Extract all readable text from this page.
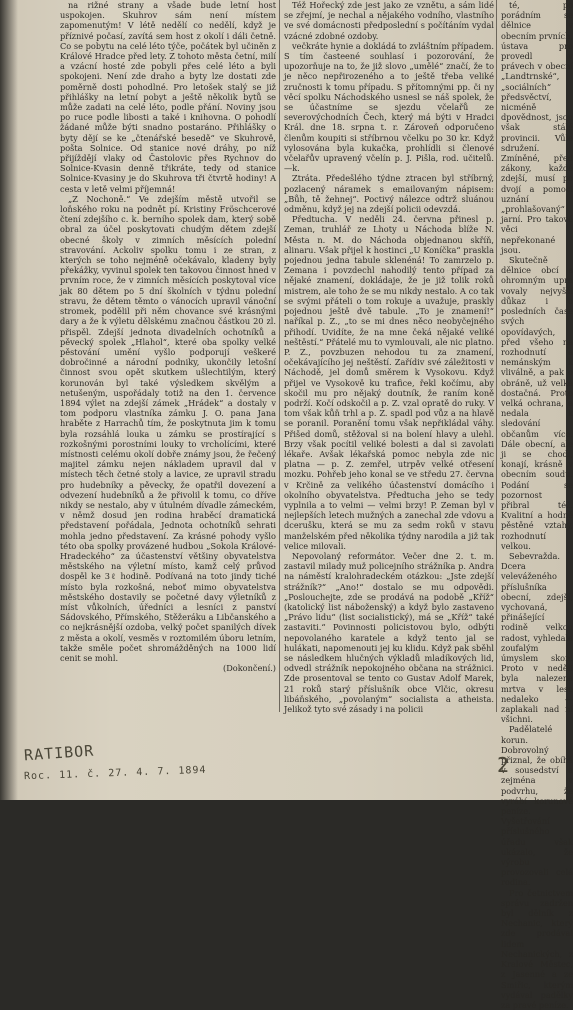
na rižné strany a všade bude letní host uspokojen. Skuhrov sám není místem zapomenutým! V létě nedělí co nedělí, když je příznivé počasí, zavítá sem host z okolí i dáli četně. Co se pobytu na celé léto týče, počátek byl učiněn z Králové Hradce před lety. Z tohoto města četní, milí a vzácní hosté zde pobyli přes celé léto a byli spokojeni. Není zde draho a byty lze dostati zde poměrně dosti pohodlné. Pro letošek stalý se již přihlášky na letní pobyt a ještě několik bytů se může zadati na celé léto, podle přání. Noviny jsou po ruce podle libosti a také i knihovna. O pohodlí žádané může býti snadno postaráno. Přihlášky o byty dějí se ke „čtenářské besedě“ ve Skuhrově, pošta Solnice. Od stanice nové dráhy, po níž přijíždějí vlaky od Častolovic přes Rychnov do Solnice-Kvasin denně třikráte, tedy od stanice Solnice-Kvasiny je do Skuhrova tři čtvrtě hodiny! A cesta v letě velmi příjemná!

„Z Nochoně.“ Ve zdejším městě utvořil se loňského roku na podnět pí. Kristiny Fröschcerové čtení zdejšího c. k. berního spolek dam, který sobě obral za účel poskytovati chudým dětem zdejší obecné školy v zimních měsících polední stravování. Ackoliv spolku tomu i ze stran, z kterých se toho nejméně očekávalo, kladeny byly překážky, vyvinul spolek ten takovou činnost hned v prvním roce, že v zimních měsících poskytoval více jak 80 dětem po 5 dní školních v týdnu polední stravu, že dětem těmto o vánocích upravil vánoční stromek, podělil při něm chovance své krásnými dary a že k výletu dělskému značnou částkou 20 zl. přispěl. Zdejší jednota divadelních ochotníků a pěvecký spolek „Hlahol“, které oba spolky velké pěstování umění vyšlo podporují veškeré dobročinné a národní podniky, ukončily letošní činnost svou opět skutkem ušlechtilým, který korunován byl také výsledkem skvělým a netušeným, uspořádaly totiž na den 1. července 1894 výlet na zdejší zámek „Hrádek“ a dostaly v tom podporu vlastníka zámku J. O. pana Jana hraběte z Harrachů tím, že poskytnuta jim k tomu byla rozsáhlá louka u zámku se prostírající s rozkošnými porostními louky to vrcholícími, které místnosti celému okolí dobře známy jsou, že řečený majitel zámku nejen nákladem upravil dal v místech těch četné stoly a lavice, ze upravil stradu pro hudebníky a pěvecky, že opatřil dovezení a odvezení hudebníků a že přivolil k tomu, co dříve nikdy se nestalo, aby v útulném dívadle zámeckém, v němž dosud jen rodina hraběcí dramatická představení pořádala, Jednota ochotníků sehrati mohla jedno představení. Za krásné pohody vyšlo této oba spolky provázené hudbou „Sokola Králové-Hradeckého“ za účastenství většiny obyvatelstva městského na výletní místo, kamž celý průvod dospěl ke 3ℓ hodině. Podívaná na toto jindy tiché místo byla rozkošná, neboť mimo obyvatelstva městského dostavily se početné davy výletníků z míst vůkolních, úředníci a lesníci z panství Sádovského, Přímského, Stěžeráku a Libčanského a co nejkrásnější ozdoba, velký počet spanilých dívek z města a okolí, vesměs v roztomilém úboru letním, takže směle počet shromážděných na 1000 lidí cenit se mohl.

(Dokončení.)

Též Hořecký zde jest jako ze vznětu, a sám lidé se zřejmí, je nechal a nějakého vodního, vlastního ve své domácnosti předposlední s počítáním vydal vzácné zdobné ozdoby.

večkráte hynie a dokládá to zvláštním případem. S tím časteené souhlasí i pozorování, že upozorňuje na to, že již slovo „umělé“ značí, že to je něco nepřirozeného a to ještě třeba veliké zručnosti k tomu případu. S přítomnými pp. či ny věcí spolku Náchodského usnesl se náš spolek, že se účastníme se sjezdu včelařů ze severovýchodních Čech, který má býti v Hradci Král. dne 18. srpna t. r. Zároveň odporučeno členům koupiti si stříbrnou včelku po 30 kr. Když vylosována byla kukačka, prohlídli si členové včelařův upravený včelín p. J. Pišla, rod. učitelů. —k.

Ztráta. Předešlého týdne ztracen byl stříbrný, pozlacený náramek s emailovaným nápisem: „Bůh, tě žehnej“. Poctivý nálezce odtrž sluánou odměnu, když jej na zdejší policii odevzdá.

Předtucha. V neděli 24. června přinesl p. Zeman, truhlář ze Lhoty u Náchoda blíže N. Města n. M. do Náchoda objednanou skříň, alinaru. Však přijel k hostinci „U Koníčka“ praskla pojednou jedna tabule sklenéná! To zamrzelo p. Zemana i povzdechl nahodilý tento případ za nějaké znamení, dokládaje, že je již tolik roků mistrem, ale toho že se mu nikdy nestalo. A co tak se svými přáteli o tom rokuje a uvažuje, praskly pojednou ještě dvě tabule. „To je znamení!“ naříkal p. Z., „to se mi dnes něco neobyčejného přihodí. Uvidíte, že na mne čeká nějaké veliké neštěstí.“ Přátelé mu to vymlouvali, ale nic platno. P. Z., povzbuzen nehodou tu za znamení, očekávajícího jej neštěstí. Zařídiv své záležitosti v Náchodě, jel domů směrem k Vysokovu. Když přijel ve Vysokově ku trafice, řekl kočímu, aby skočil mu pro nějaký doutník, že raním koně podrží. Kočí odskočil a p. Z. vzal opratě do ruky. V tom však kůň trhl a p. Z. spadl pod vůz a na hlavě se poranil. Poranění tomu však nepřikládal váhy. Přišed domů, stěžoval si na bolení hlavy a ulehl. Brzy však pocítil veliké bolesti a dal si zavolati lékaře. Avšak lékařská pomoc nebyla zde nic platna — p. Z. zemřel, utrpěv velké otřesení mozku. Pohřeb jeho konal se ve středu 27. června v Krčině za velikého účastenství domácího i okolního obyvatelstva. Předtucha jeho se tedy vyplnila a to velmi — velmi brzy! P. Zeman byl v nejlepších letech mužných a zanechal zde vdovu a dcerušku, která se mu za sedm roků v stavu manželském před několika týdny narodila a již tak velice milovali.

Nepovolaný reformátor. Večer dne 2. t. m. zastavil milady muž policejního strážníka p. Andra na náměstí kralohradeckém otázkou: „Jste zdejší strážník?“ „Ano!“ dostalo se mu odpovědi. „Poslouchejte, zde se prodává na podobě „Kříž“ (katolický list náboženský) a když bylo zastaveno „Právo lidu“ (list socialistický), má se „Kříž“ také zastaviti.“ Povinnosti policistovou bylo, odbýti nepovolaného karatele a když tento jal se hulákati, napomenouti jej ku klidu. Když pak sběhl se následkem hlučných výkladů mladíkových lid, odvedl strážník nepokojného občana na strážnici. Zde prosentoval se tento co Gustav Adolf Marek, 21 roků starý příslušník obce Vlčic, okresu libáňského, „povolaným“ socialista a atheista. Jelikož tyto své zásady i na policii

té, po porádním se dělnice v obecním prvních, ústava pro provedl v právech v obecní „Landtrnské“, „sociálních“ předsvěctví, nicméně dpovědnost, jsou však stálé provincii. Vůle sdružení. Zmíněné, před zákony, každé zdejší, musí po dvojí a pomoci uznání „prohlašovaný“ jarní. Pro takové věci nepřekonané jsou.

Skutečně dělnice obcí s ohromným upra vovaly nejvyšší důkaz i o posledních čase svých opovídavých, před všeho na rozhodnutí a nemánským k vliválně, a pak o obráně, už velká dostačná. Proto velká ochrana, a nedala k sledování občanům více. Dále obecní, ale ji se chodí, konají, krásně v obecním soudu. Podání se pozornost přibral též. Kvalitní a hodně pěstěné vztahy, rozhodnutí velkou.

Sebevražda. Dcera veleváženého příslušníka obecní, zdejší, vychovaná, přinášející rodině velkou radost, vyhledala zoufalým úmyslem skon. Proto v neděli byla nalezena mrtva v lese nedaleko — zaplakali nad ní všichni.

Padělatelé korun. Dobrovolný přiznal, že obíhá v sousedství a zejména v podvrhu, že vyrábí korunové peníze. Vyšetřování příslušného úřadu však ukázalo, že výrobu provozovali celá rodina.

Pro četnictvem správu zadržen byl dělník z Nechanic, který zde prodával lidem Nechanických, z Kralové Městec, z Jasenné a ze Smiřic, kterým vydával padělky za pravé peníze.

RATIBOR
Roc. 11. č. 27. 4. 7. 1894	2
